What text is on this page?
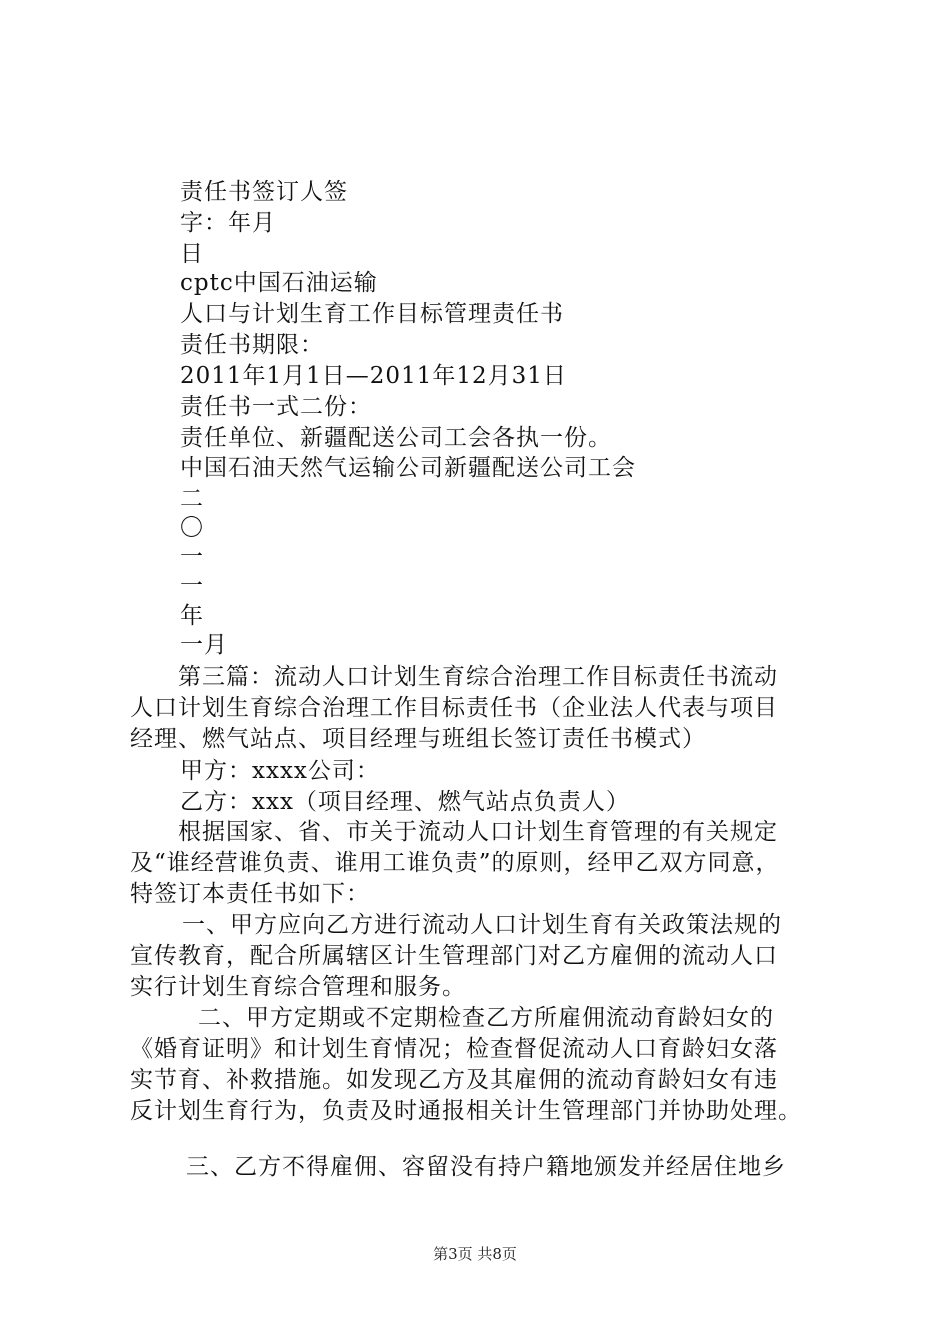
责任书签订人签
字：年月
日
cptc中国石油运输
人口与计划生育工作目标管理责任书
责任书期限：
2011年1月1日—2011年12月31日
责任书一式二份：
责任单位、新疆配送公司工会各执一份。
中国石油天然气运输公司新疆配送公司工会
二
〇
一
一
年
一月
第三篇：流动人口计划生育综合治理工作目标责任书流动
人口计划生育综合治理工作目标责任书（企业法人代表与项目
经理、燃气站点、项目经理与班组长签订责任书模式）
甲方：xxxx公司：
乙方：xxx（项目经理、燃气站点负责人）
根据国家、省、市关于流动人口计划生育管理的有关规定
及“谁经营谁负责、谁用工谁负责”的原则，经甲乙双方同意，
特签订本责任书如下：
一、甲方应向乙方进行流动人口计划生育有关政策法规的
宣传教育，配合所属辖区计生管理部门对乙方雇佣的流动人口
实行计划生育综合管理和服务。
二、甲方定期或不定期检查乙方所雇佣流动育龄妇女的
《婚育证明》和计划生育情况；检查督促流动人口育龄妇女落
实节育、补救措施。如发现乙方及其雇佣的流动育龄妇女有违
反计划生育行为，负责及时通报相关计生管理部门并协助处理。
三、乙方不得雇佣、容留没有持户籍地颁发并经居住地乡
第3页 共8页
